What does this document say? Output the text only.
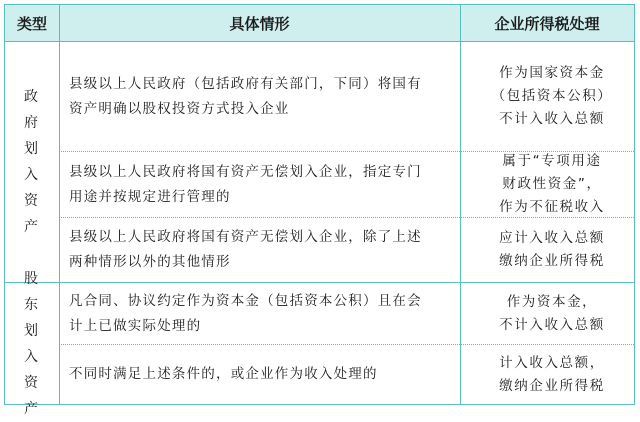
类型	具体情形	企业所得税处理
政府划入资产
县级以上人民政府（包括政府有关部门，下同）将国有资产明确以股权投资方式投入企业
作为国家资本金
（包括资本公积）
不计入收入总额
县级以上人民政府将国有资产无偿划入企业，指定专门用途并按规定进行管理的
属于“专项用途
财政性资金”，
作为不征税收入
县级以上人民政府将国有资产无偿划入企业，除了上述两种情形以外的其他情形
应计入收入总额
缴纳企业所得税
股东划入资产
凡合同、协议约定作为资本金（包括资本公积）且在会计上已做实际处理的
作为资本金，
不计入收入总额
不同时满足上述条件的，或企业作为收入处理的
计入收入总额，
缴纳企业所得税
